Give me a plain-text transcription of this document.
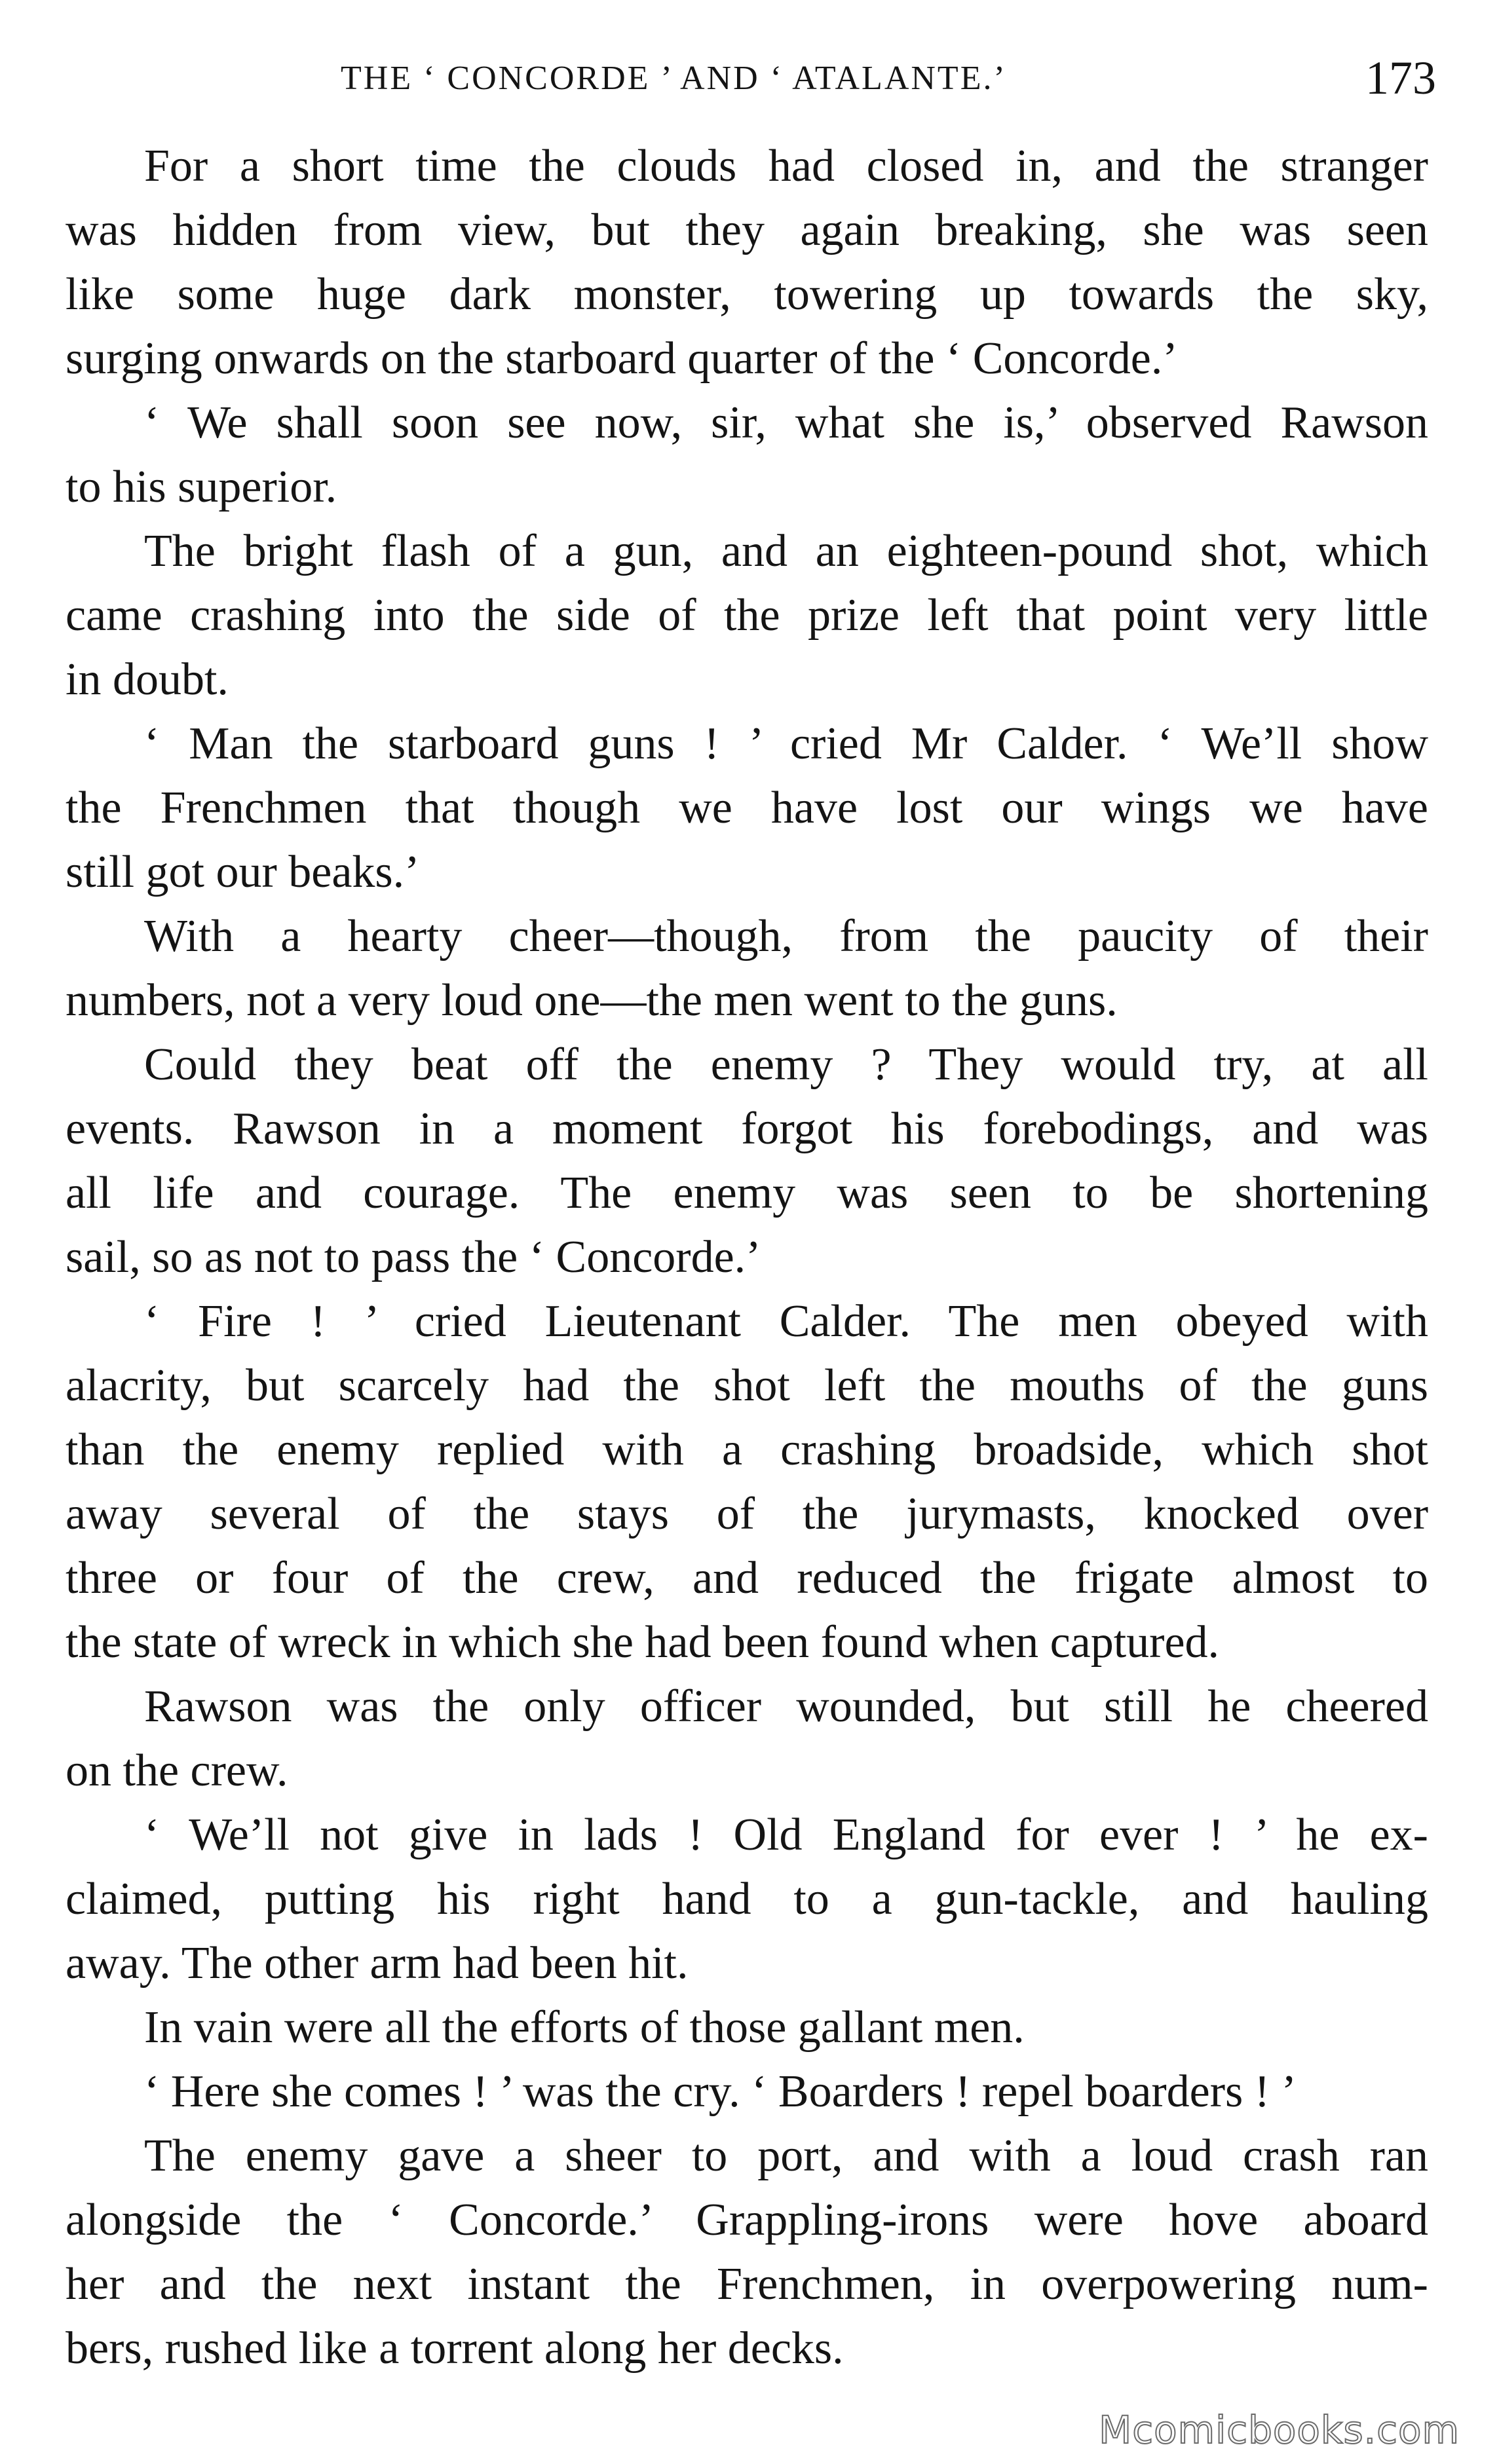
THE ‘ CONCORDE ’ AND ‘ ATALANTE.’	173
For a short time the clouds had closed in, and the stranger
was hidden from view, but they again breaking, she was seen
like some huge dark monster, towering up towards the sky,
surging onwards on the starboard quarter of the ‘ Concorde.’
‘ We shall soon see now, sir, what she is,’ observed Rawson
to his superior.
The bright flash of a gun, and an eighteen-pound shot, which
came crashing into the side of the prize left that point very little
in doubt.
‘ Man the starboard guns ! ’ cried Mr Calder. ‘ We’ll show
the Frenchmen that though we have lost our wings we have
still got our beaks.’
With a hearty cheer—though, from the paucity of their
numbers, not a very loud one—the men went to the guns.
Could they beat off the enemy ? They would try, at all
events. Rawson in a moment forgot his forebodings, and was
all life and courage. The enemy was seen to be shortening
sail, so as not to pass the ‘ Concorde.’
‘ Fire ! ’ cried Lieutenant Calder. The men obeyed with
alacrity, but scarcely had the shot left the mouths of the guns
than the enemy replied with a crashing broadside, which shot
away several of the stays of the jurymasts, knocked over
three or four of the crew, and reduced the frigate almost to
the state of wreck in which she had been found when captured.
Rawson was the only officer wounded, but still he cheered
on the crew.
‘ We’ll not give in lads ! Old England for ever ! ’ he ex-
claimed, putting his right hand to a gun-tackle, and hauling
away. The other arm had been hit.
In vain were all the efforts of those gallant men.
‘ Here she comes ! ’ was the cry. ‘ Boarders ! repel boarders ! ’
The enemy gave a sheer to port, and with a loud crash ran
alongside the ‘ Concorde.’ Grappling-irons were hove aboard
her and the next instant the Frenchmen, in overpowering num-
bers, rushed like a torrent along her decks.
Mcomicbooks.com
